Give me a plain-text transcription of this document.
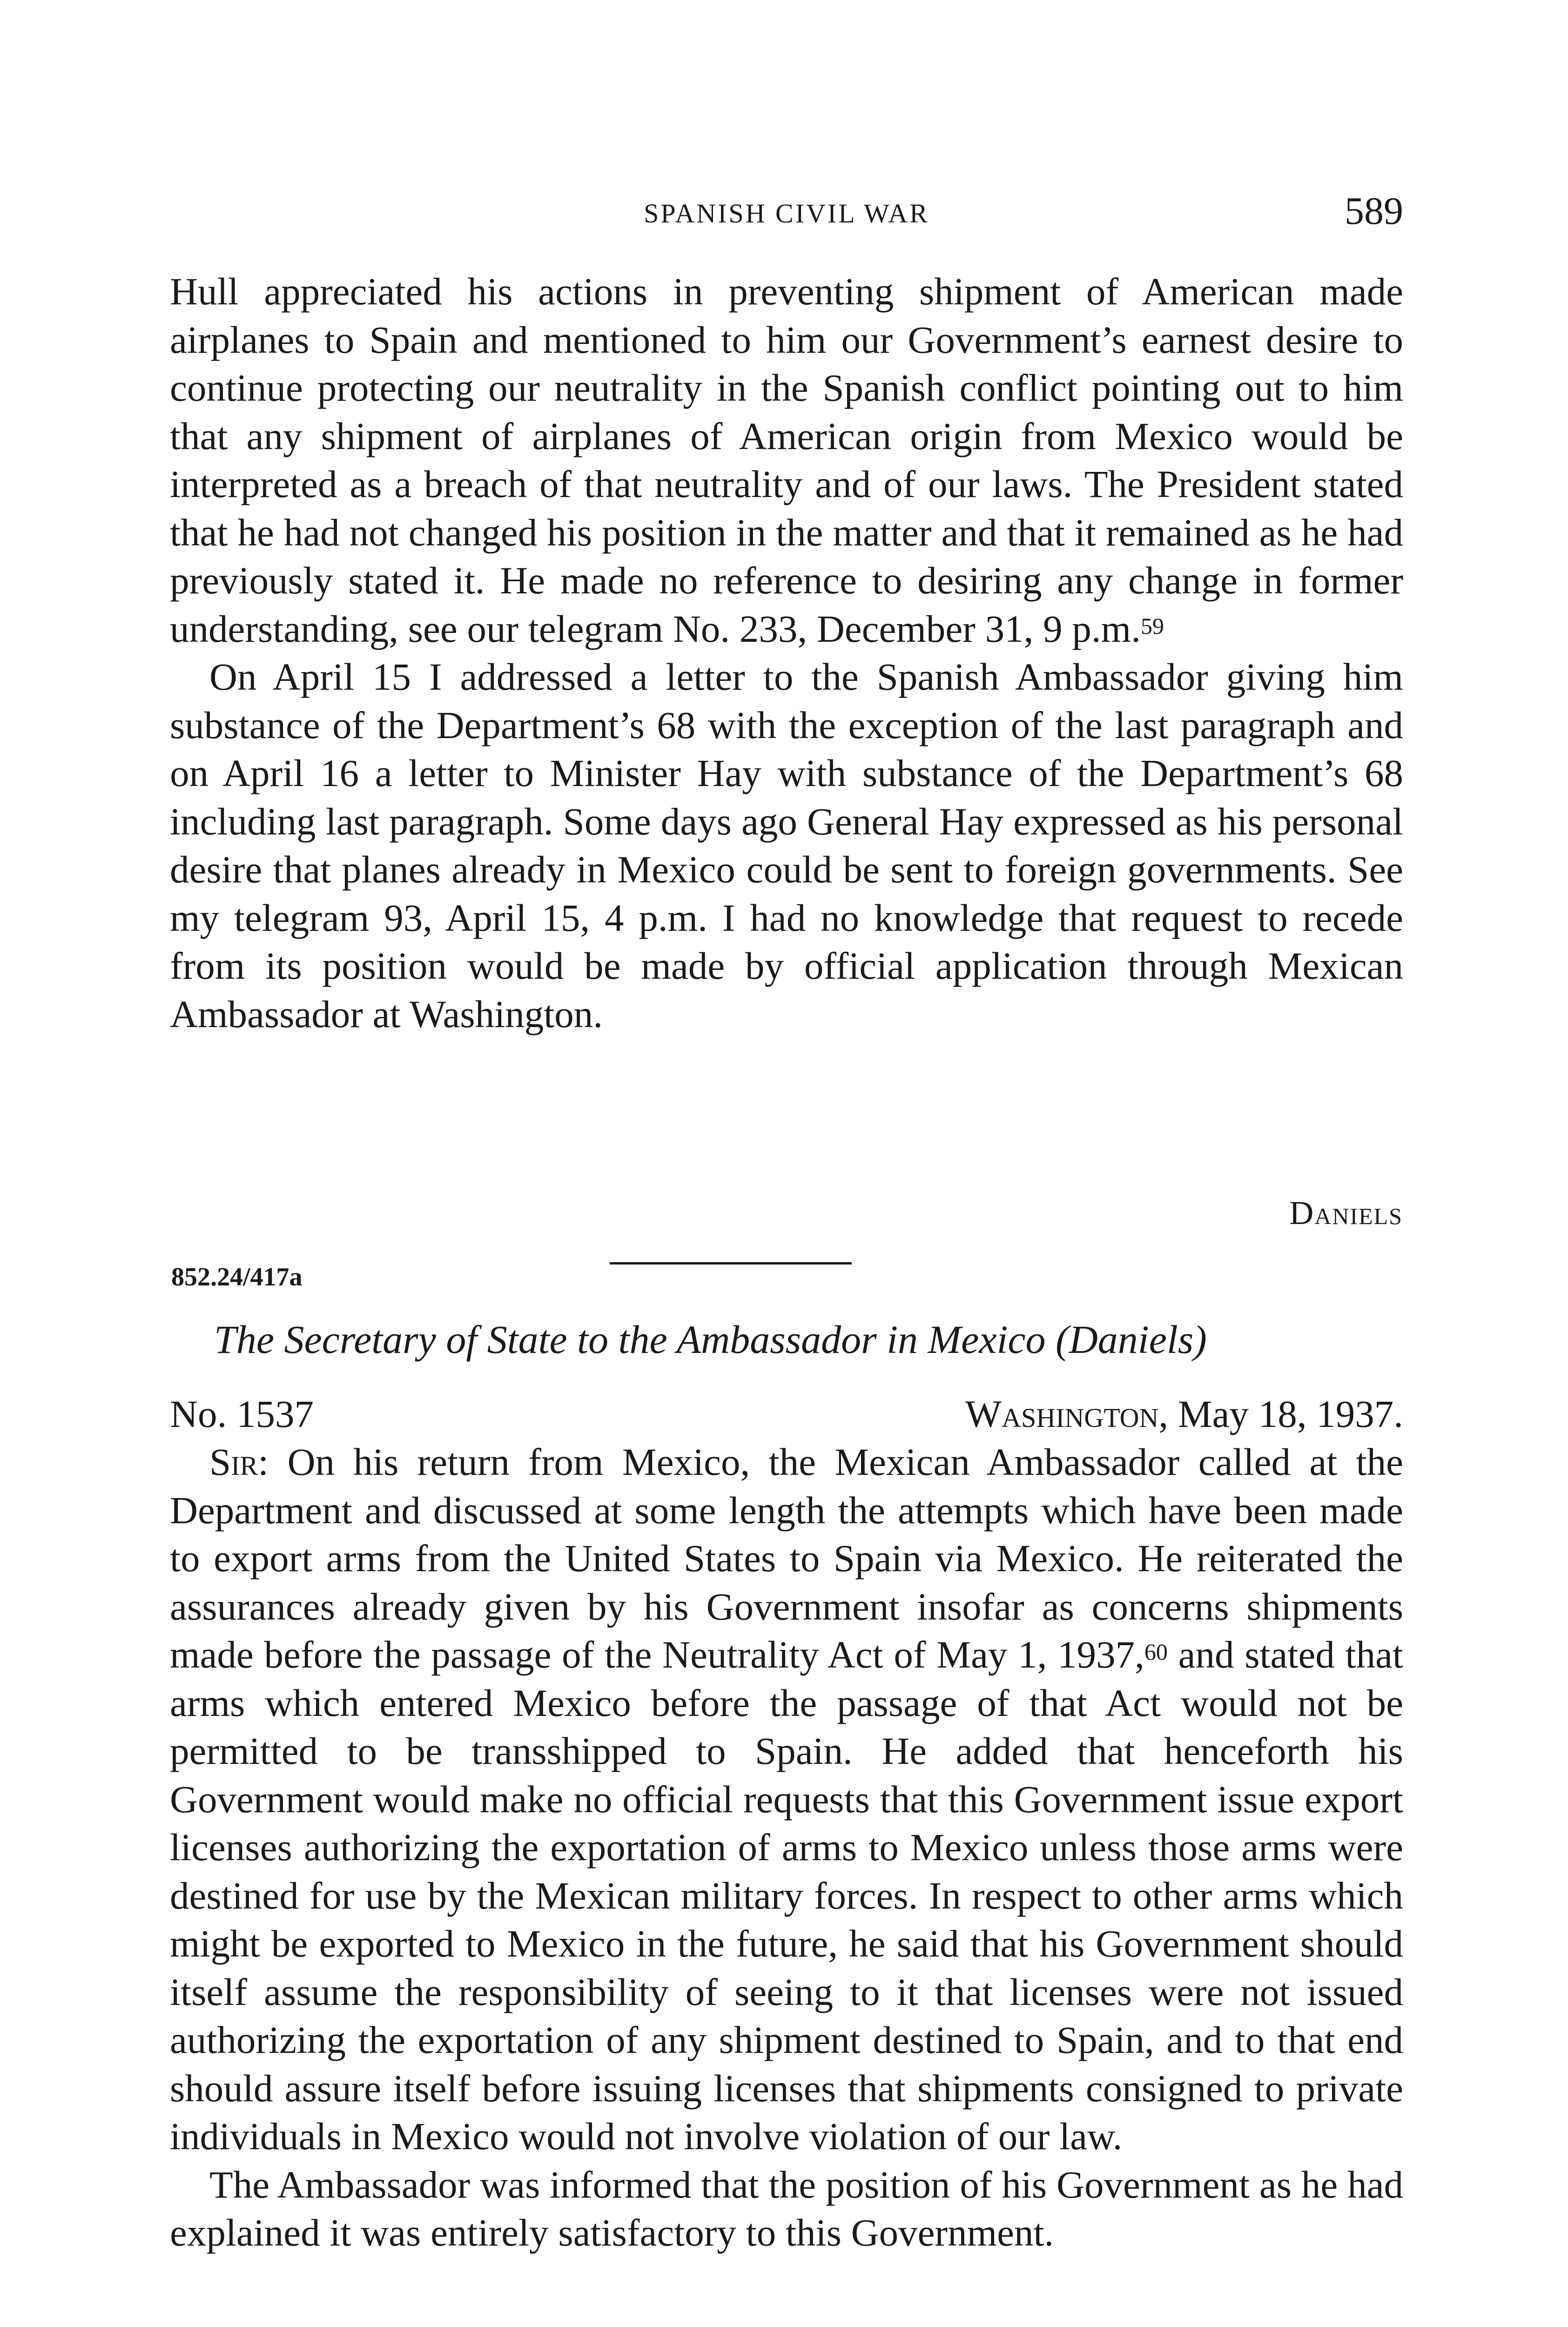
SPANISH CIVIL WAR	589

Hull appreciated his actions in preventing shipment of American made airplanes to Spain and mentioned to him our Government’s earnest desire to continue protecting our neutrality in the Spanish conflict pointing out to him that any shipment of airplanes of American origin from Mexico would be interpreted as a breach of that neutrality and of our laws. The President stated that he had not changed his position in the matter and that it remained as he had previously stated it. He made no reference to desiring any change in former understanding, see our telegram No. 233, December 31, 9 p.m.$^{59}$

On April 15 I addressed a letter to the Spanish Ambassador giving him substance of the Department’s 68 with the exception of the last paragraph and on April 16 a letter to Minister Hay with substance of the Department’s 68 including last paragraph. Some days ago General Hay expressed as his personal desire that planes already in Mexico could be sent to foreign governments. See my telegram 93, April 15, 4 p.m. I had no knowledge that request to recede from its position would be made by official application through Mexican Ambassador at Washington.

Daniels
852.24/417a
The Secretary of State to the Ambassador in Mexico (Daniels)
No. 1537	Washington, May 18, 1937.

Sir: On his return from Mexico, the Mexican Ambassador called at the Department and discussed at some length the attempts which have been made to export arms from the United States to Spain via Mexico. He reiterated the assurances already given by his Government insofar as concerns shipments made before the passage of the Neutrality Act of May 1, 1937,60 and stated that arms which entered Mexico before the passage of that Act would not be permitted to be transshipped to Spain. He added that henceforth his Government would make no official requests that this Government issue export licenses authorizing the exportation of arms to Mexico unless those arms were destined for use by the Mexican military forces. In respect to other arms which might be exported to Mexico in the future, he said that his Government should itself assume the responsibility of seeing to it that licenses were not issued authorizing the exportation of any shipment destined to Spain, and to that end should assure itself before issuing licenses that shipments consigned to private individuals in Mexico would not involve violation of our law.

The Ambassador was informed that the position of his Government as he had explained it was entirely satisfactory to this Government.
